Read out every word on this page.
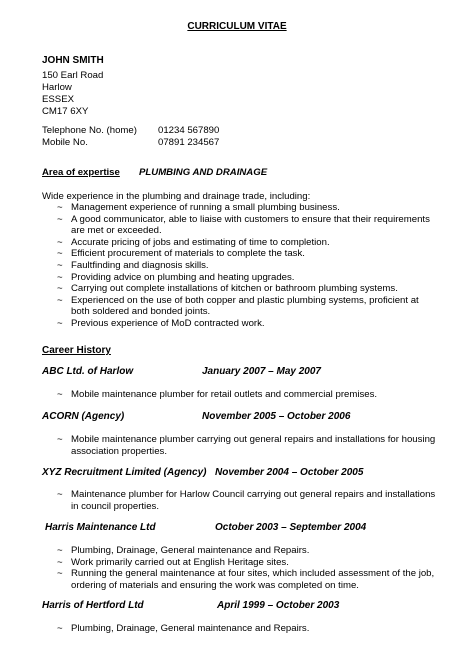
CURRICULUM VITAE
JOHN SMITH
150 Earl Road
Harlow
ESSEX
CM17 6XY
Telephone No. (home)	01234 567890
Mobile No.	07891 234567
Area of expertise	PLUMBING AND DRAINAGE
Wide experience in the plumbing and drainage trade, including:
~ Management experience of running a small plumbing business.
~ A good communicator, able to liaise with customers to ensure that their requirements are met or exceeded.
~ Accurate pricing of jobs and estimating of time to completion.
~ Efficient procurement of materials to complete the task.
~ Faultfinding and diagnosis skills.
~ Providing advice on plumbing and heating upgrades.
~ Carrying out complete installations of kitchen or bathroom plumbing systems.
~ Experienced on the use of both copper and plastic plumbing systems, proficient at both soldered and bonded joints.
~ Previous experience of MoD contracted work.
Career History
ABC Ltd. of Harlow	January 2007 – May 2007
~ Mobile maintenance plumber for retail outlets and commercial premises.
ACORN (Agency)	November 2005 – October 2006
~ Mobile maintenance plumber carrying out general repairs and installations for housing association properties.
XYZ Recruitment Limited (Agency) November 2004 – October 2005
~ Maintenance plumber for Harlow Council carrying out general repairs and installations in council properties.
Harris Maintenance Ltd	October 2003 – September 2004
~ Plumbing, Drainage, General maintenance and Repairs.
~ Work primarily carried out at English Heritage sites.
~ Running the general maintenance at four sites, which included assessment of the job, ordering of materials and ensuring the work was completed on time.
Harris of Hertford Ltd	April 1999 – October 2003
~ Plumbing, Drainage, General maintenance and Repairs.
